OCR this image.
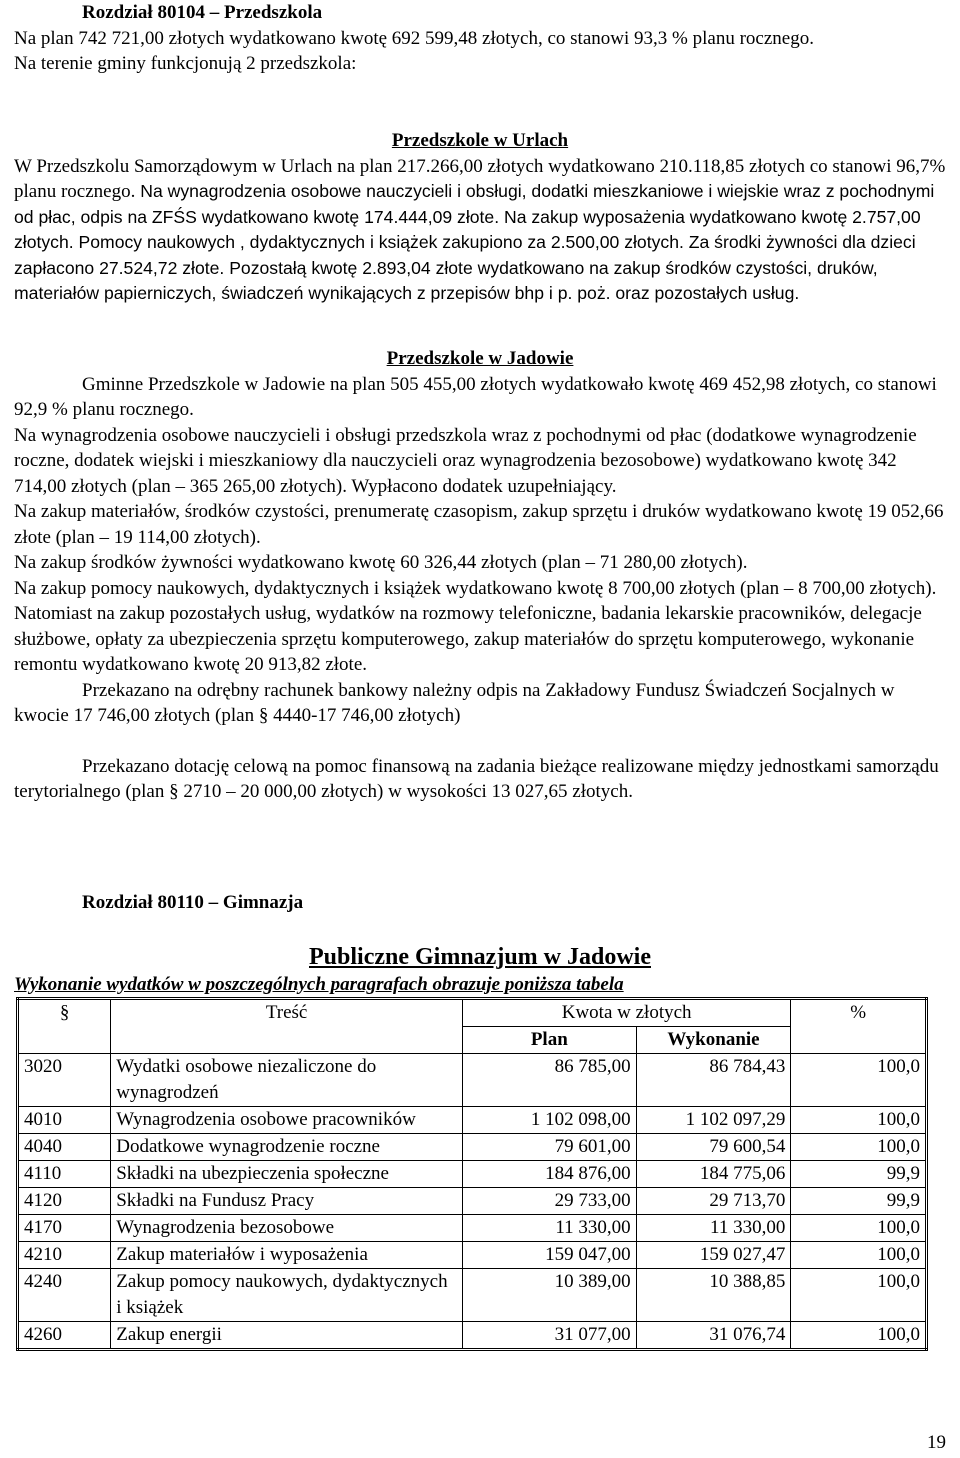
Rozdział 80104 – Przedszkola
Na plan 742 721,00 złotych wydatkowano kwotę 692 599,48 złotych, co stanowi 93,3 % planu rocznego.
Na terenie gminy funkcjonują 2 przedszkola:
Przedszkole w Urlach
W Przedszkolu Samorządowym w Urlach na plan 217.266,00 złotych wydatkowano 210.118,85 złotych co stanowi 96,7% planu rocznego. Na wynagrodzenia osobowe nauczycieli i obsługi, dodatki mieszkaniowe i wiejskie wraz z pochodnymi od płac, odpis na ZFŚS wydatkowano kwotę 174.444,09 złote. Na zakup wyposażenia wydatkowano kwotę 2.757,00 złotych. Pomocy naukowych , dydaktycznych i książek zakupiono za 2.500,00 złotych. Za środki żywności dla dzieci zapłacono 27.524,72 złote. Pozostałą kwotę 2.893,04 złote wydatkowano na zakup środków czystości, druków, materiałów papierniczych, świadczeń wynikających z przepisów bhp i p. poż. oraz pozostałych usług.
Przedszkole w Jadowie
Gminne Przedszkole w Jadowie na plan 505 455,00 złotych wydatkowało kwotę 469 452,98 złotych, co stanowi 92,9 % planu rocznego.
Na wynagrodzenia osobowe nauczycieli i obsługi przedszkola wraz z pochodnymi od płac (dodatkowe wynagrodzenie roczne, dodatek wiejski i mieszkaniowy dla nauczycieli oraz wynagrodzenia bezosobowe) wydatkowano kwotę 342 714,00 złotych (plan – 365 265,00 złotych). Wypłacono dodatek uzupełniający.
Na zakup materiałów, środków czystości, prenumeratę czasopism, zakup sprzętu i druków wydatkowano kwotę 19 052,66 złote (plan – 19 114,00 złotych).
Na zakup środków żywności wydatkowano kwotę 60 326,44 złotych (plan – 71 280,00 złotych).
Na zakup pomocy naukowych, dydaktycznych i książek wydatkowano kwotę 8 700,00 złotych (plan – 8 700,00 złotych). Natomiast na zakup pozostałych usług, wydatków na rozmowy telefoniczne, badania lekarskie pracowników, delegacje służbowe, opłaty za ubezpieczenia sprzętu komputerowego, zakup materiałów do sprzętu komputerowego, wykonanie remontu wydatkowano kwotę 20 913,82 złote.
Przekazano na odrębny rachunek bankowy należny odpis na Zakładowy Fundusz Świadczeń Socjalnych w kwocie 17 746,00 złotych (plan § 4440-17 746,00 złotych)
Przekazano dotację celową na pomoc finansową na zadania bieżące realizowane między jednostkami samorządu terytorialnego (plan § 2710 – 20 000,00 złotych) w wysokości 13 027,65 złotych.
Rozdział 80110 – Gimnazja
Publiczne Gimnazjum w Jadowie
Wykonanie wydatków w poszczególnych paragrafach obrazuje poniższa tabela
§	Treść	Kwota w złotych		%
		Plan	Wykonanie	
3020	Wydatki osobowe niezaliczone do wynagrodzeń	86 785,00	86 784,43	100,0
4010	Wynagrodzenia osobowe pracowników	1 102 098,00	1 102 097,29	100,0
4040	Dodatkowe wynagrodzenie roczne	79 601,00	79 600,54	100,0
4110	Składki na ubezpieczenia społeczne	184 876,00	184 775,06	99,9
4120	Składki na Fundusz Pracy	29 733,00	29 713,70	99,9
4170	Wynagrodzenia bezosobowe	11 330,00	11 330,00	100,0
4210	Zakup materiałów i wyposażenia	159 047,00	159 027,47	100,0
4240	Zakup pomocy naukowych, dydaktycznych i książek	10 389,00	10 388,85	100,0
4260	Zakup energii	31 077,00	31 076,74	100,0
19
